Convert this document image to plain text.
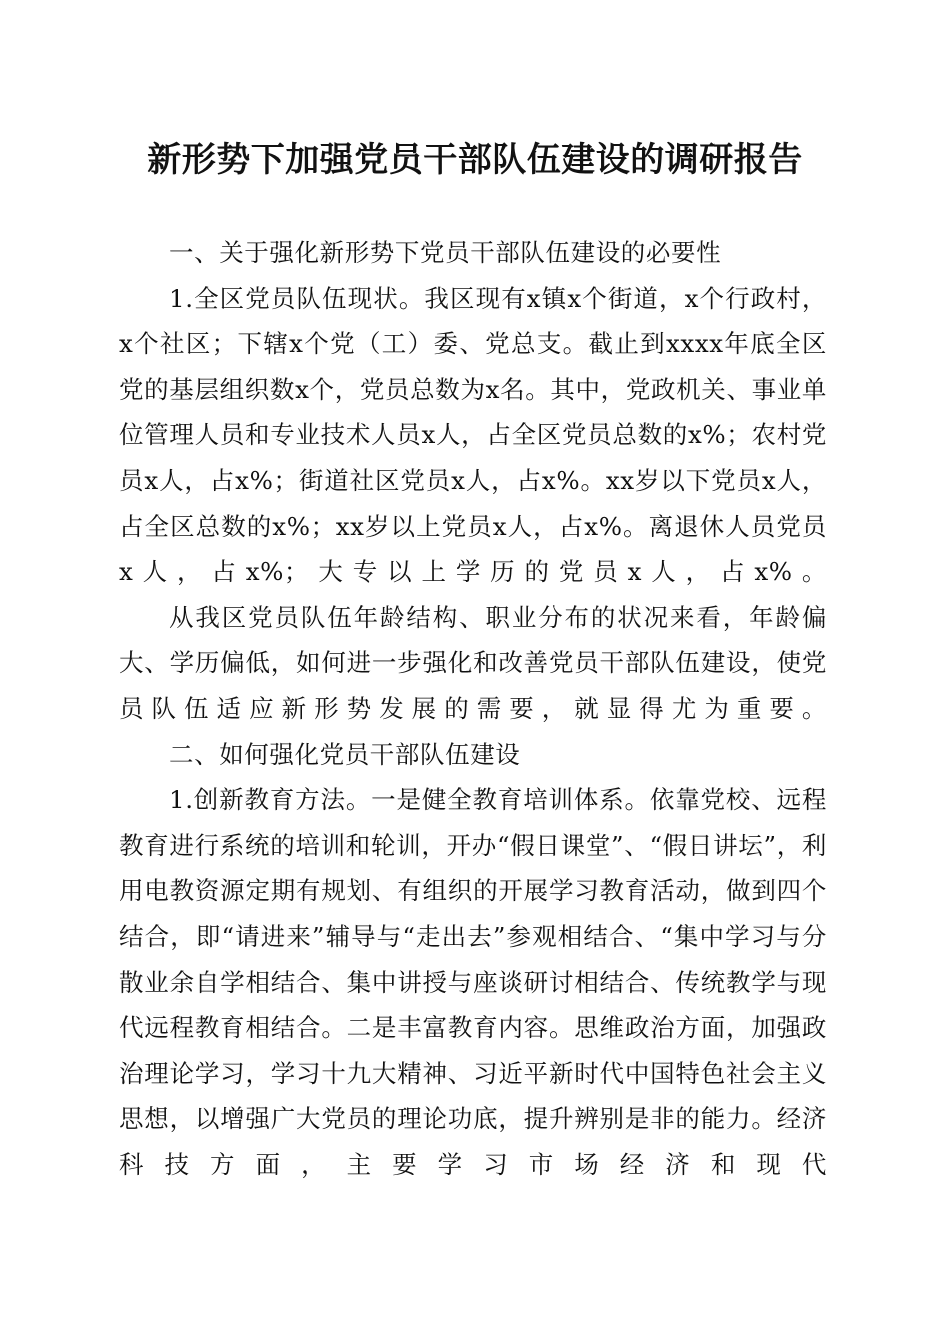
新形势下加强党员干部队伍建设的调研报告
一、关于强化新形势下党员干部队伍建设的必要性

1.全区党员队伍现状。我区现有x镇x个街道，x个行政村，x个社区；下辖x个党（工）委、党总支。截止到xxxx年底全区党的基层组织数x个，党员总数为x名。其中，党政机关、事业单位管理人员和专业技术人员x人，占全区党员总数的x%；农村党员x人，占x%；街道社区党员x人，占x%。xx岁以下党员x人，占全区总数的x%；xx岁以上党员x人，占x%。离退休人员党员x人，占x%；大专以上学历的党员x人，占x%。

从我区党员队伍年龄结构、职业分布的状况来看，年龄偏大、学历偏低，如何进一步强化和改善党员干部队伍建设，使党员队伍适应新形势发展的需要，就显得尤为重要。

二、如何强化党员干部队伍建设

1.创新教育方法。一是健全教育培训体系。依靠党校、远程教育进行系统的培训和轮训，开办“假日课堂”、“假日讲坛”，利用电教资源定期有规划、有组织的开展学习教育活动，做到四个结合，即“请进来”辅导与“走出去”参观相结合、“集中学习与分散业余自学相结合、集中讲授与座谈研讨相结合、传统教学与现代远程教育相结合。二是丰富教育内容。思维政治方面，加强政治理论学习，学习十九大精神、习近平新时代中国特色社会主义思想，以增强广大党员的理论功底，提升辨别是非的能力。经济科技方面，主要学习市场经济和现代
